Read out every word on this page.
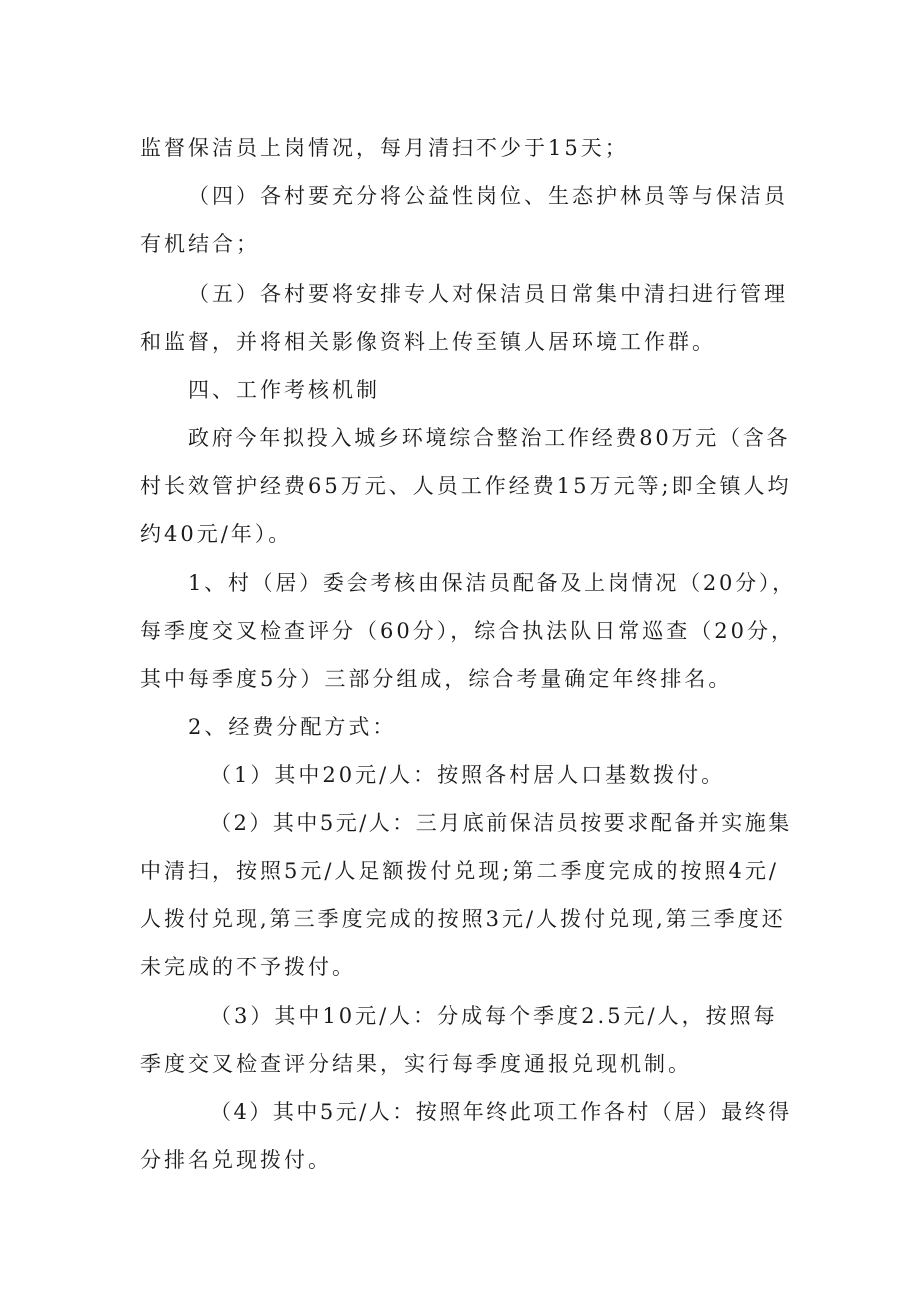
监督保洁员上岗情况，每月清扫不少于15天；
（四）各村要充分将公益性岗位、生态护林员等与保洁员
有机结合；
（五）各村要将安排专人对保洁员日常集中清扫进行管理
和监督，并将相关影像资料上传至镇人居环境工作群。
四、工作考核机制
政府今年拟投入城乡环境综合整治工作经费80万元（含各
村长效管护经费65万元、人员工作经费15万元等;即全镇人均
约40元/年）。
1、村（居）委会考核由保洁员配备及上岗情况（20分），
每季度交叉检查评分（60分），综合执法队日常巡查（20分，
其中每季度5分）三部分组成，综合考量确定年终排名。
2、经费分配方式：
（1）其中20元/人：按照各村居人口基数拨付。
（2）其中5元/人：三月底前保洁员按要求配备并实施集
中清扫，按照5元/人足额拨付兑现;第二季度完成的按照4元/
人拨付兑现,第三季度完成的按照3元/人拨付兑现,第三季度还
未完成的不予拨付。
（3）其中10元/人：分成每个季度2.5元/人，按照每
季度交叉检查评分结果，实行每季度通报兑现机制。
（4）其中5元/人：按照年终此项工作各村（居）最终得
分排名兑现拨付。
